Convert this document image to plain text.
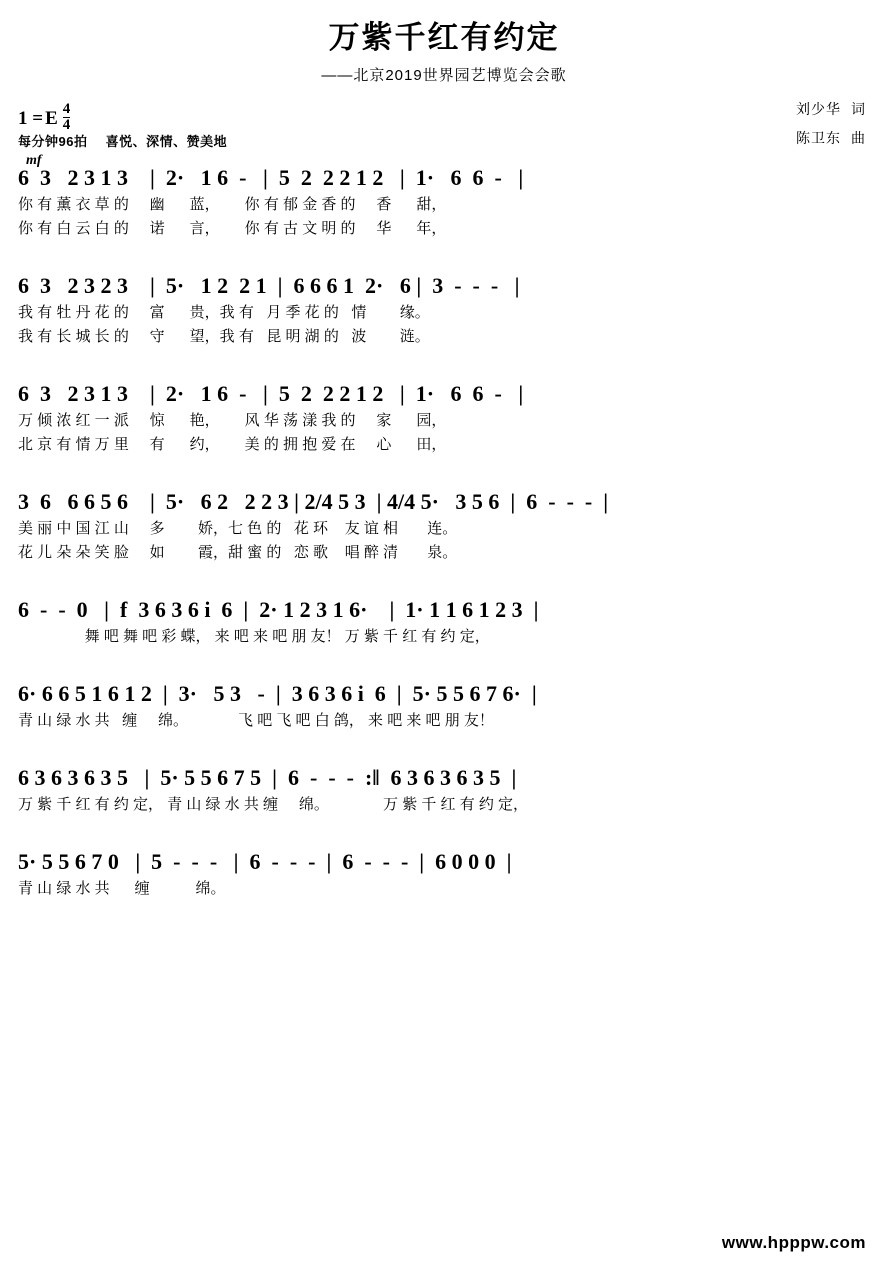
万紫千红有约定
——北京2019世界园艺博览会会歌
1 = E $\frac{4}{4}$
每分钟96拍 喜悦、深情、赞美地
刘少华 词
陈卫东 曲
mf
6  3   2 3 1 3    |  2·   1 6  -   |  5  2  2 2 1 2   |  1·   6  6  -   |
你 有 薰 衣 草 的     幽      蓝，      你 有 郁 金 香 的     香      甜，
你 有 白 云 白 的     诺      言，      你 有 古 文 明 的     华      年，
6  3   2 3 2 3    |  5·   1 2  2 1  |  6 6 6 1  2·   6 |  3  -  -  -   |
我 有 牡 丹 花 的     富      贵，我 有   月 季 花 的   情        缘。
我 有 长 城 长 的     守      望，我 有   昆 明 湖 的   波        涟。
6  3   2 3 1 3    |  2·   1 6  -   |  5  2  2 2 1 2   |  1·   6  6  -   |
万 倾 浓 红 一 派     惊      艳，      风 华 荡 漾 我 的     家      园，
北 京 有 情 万 里     有      约，      美 的 拥 抱 爱 在     心      田，
3  6   6 6 5 6    |  5·   6 2   2 2 3 | 2/4 5 3  | 4/4 5·   3 5 6  |  6  -  -  -  |
美 丽 中 国 江 山     多        娇，七 色 的   花 环    友 谊 相       连。
花 儿 朵 朵 笑 脸     如        霞，甜 蜜 的   恋 歌    唱 醉 清       泉。
6  -  -  0   |  f  3 6 3 6 i  6  |  2· 1 2 3 1 6·    |  1· 1 1 6 1 2 3  |
舞 吧 舞 吧 彩 蝶， 来 吧 来 吧 朋 友！ 万 紫 千 红 有 约 定，
6· 6 6 5 1 6 1 2  |  3·   5 3   -  |  3 6 3 6 i  6  |  5· 5 5 6 7 6·  |
青 山 绿 水 共   缠     绵。            飞 吧 飞 吧 白 鸽， 来 吧 来 吧 朋 友！
6 3 6 3 6 3 5   |  5· 5 5 6 7 5  |  6  -  -  -  :‖  6 3 6 3 6 3 5  |
万 紫 千 红 有 约 定， 青 山 绿 水 共 缠     绵。             万 紫 千 红 有 约 定，
5· 5 5 6 7 0   |  5  -  -  -   |  6  -  -  -  |  6  -  -  -  |  6 0 0 0  |
青 山 绿 水 共      缠           绵。
www.hpppw.com
